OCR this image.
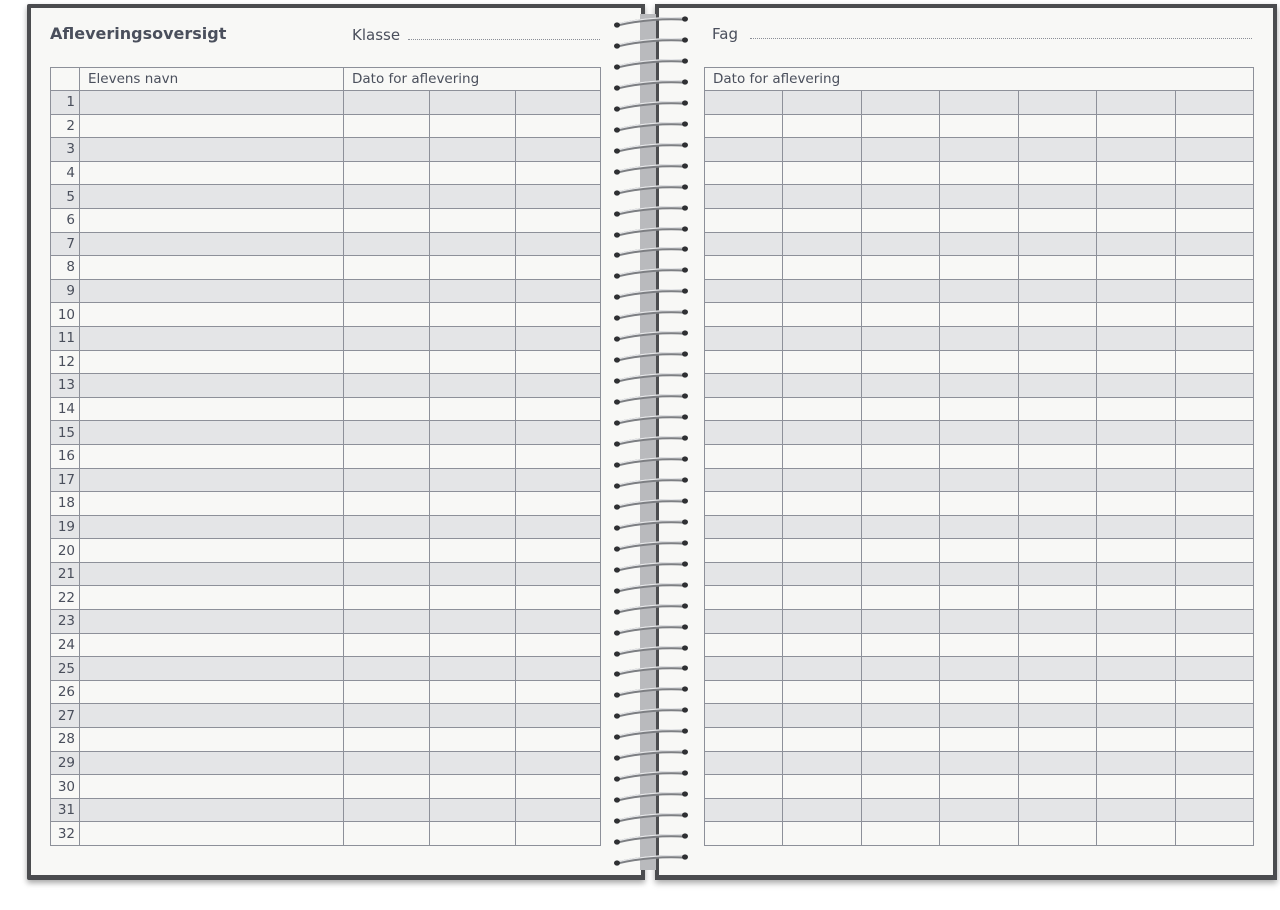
Afleveringsoversigt	Klasse	Fag
	Elevens navn	Dato for aflevering		
1				
2				
3				
4				
5				
6				
7				
8				
9				
10				
11				
12				
13				
14				
15				
16				
17				
18				
19				
20				
21				
22				
23				
24				
25				
26				
27				
28				
29				
30				
31				
32				
Dato for aflevering						
